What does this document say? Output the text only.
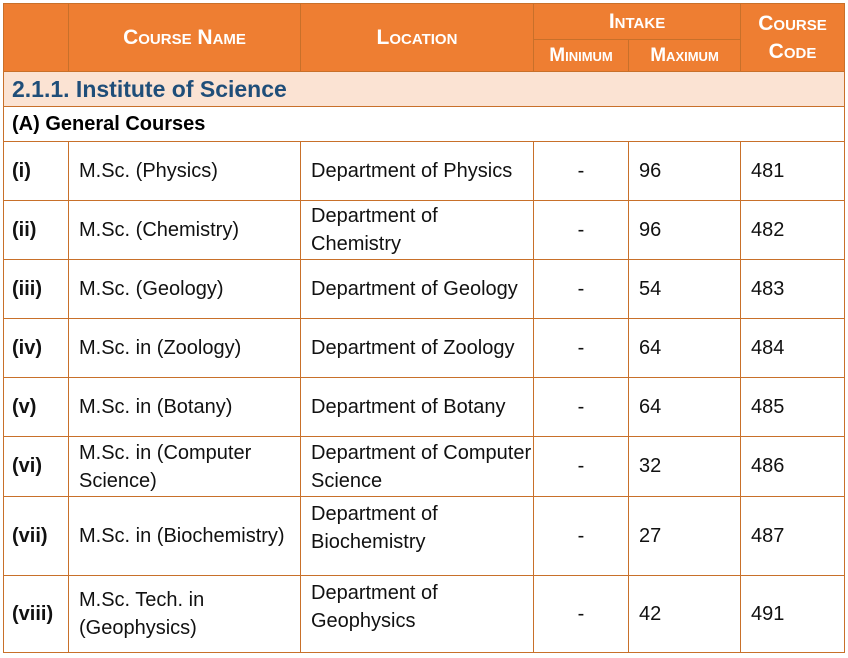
	Course Name	Location	Intake		Course Code
			Minimum	Maximum	
2.1.1. Institute of Science					
(A) General Courses					
(i)	M.Sc. (Physics)	Department of Physics	-	96	481
(ii)	M.Sc. (Chemistry)	Department of Chemistry	-	96	482
(iii)	M.Sc. (Geology)	Department of Geology	-	54	483
(iv)	M.Sc. in (Zoology)	Department of Zoology	-	64	484
(v)	M.Sc. in (Botany)	Department of Botany	-	64	485
(vi)	M.Sc. in (Computer Science)	Department of Computer Science	-	32	486
(vii)	M.Sc. in (Biochemistry)	Department of Biochemistry	-	27	487
(viii)	M.Sc. Tech. in (Geophysics)	Department of Geophysics	-	42	491
